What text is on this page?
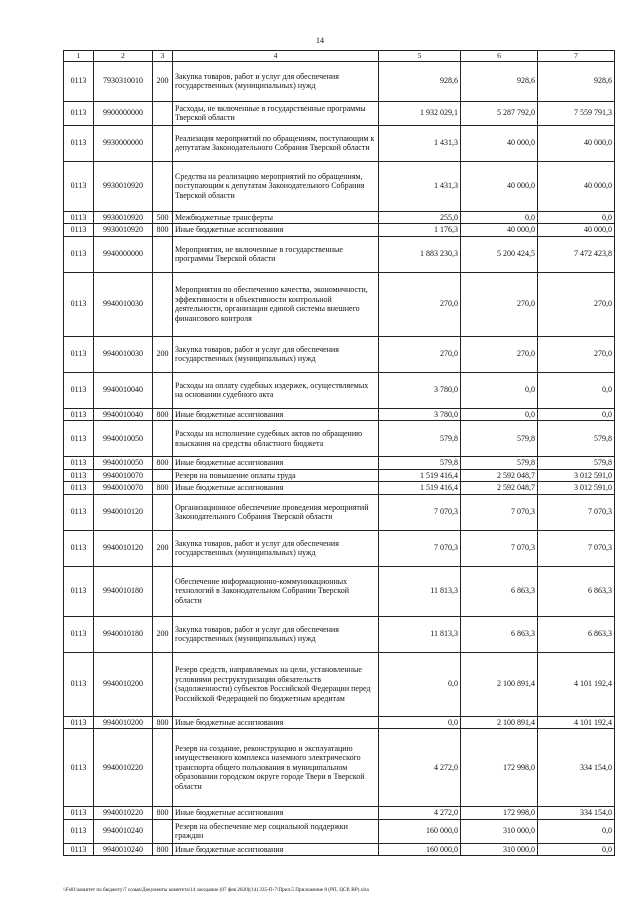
14
1	2	3	4	5	6	7
0113	7930310010	200	Закупка товаров, работ и услуг для обеспечения государственных (муниципальных) нужд	928,6	928,6	928,6
0113	9900000000		Расходы, не включенные в государственные программы Тверской области	1 932 029,1	5 287 792,0	7 559 791,3
0113	9930000000		Реализация мероприятий по обращениям, поступающим к депутатам Законодательного Собрания Тверской области	1 431,3	40 000,0	40 000,0
0113	9930010920		Средства на реализацию мероприятий по обращениям, поступающим к депутатам Законодательного Собрания Тверской области	1 431,3	40 000,0	40 000,0
0113	9930010920	500	Межбюджетные трансферты	255,0	0,0	0,0
0113	9930010920	800	Иные бюджетные ассигнования	1 176,3	40 000,0	40 000,0
0113	9940000000		Мероприятия, не включенные в государственные программы Тверской области	1 883 230,3	5 200 424,5	7 472 423,8
0113	9940010030		Мероприятия по обеспечению качества, экономичности, эффективности и объективности контрольной деятельности, организации единой системы внешнего финансового контроля	270,0	270,0	270,0
0113	9940010030	200	Закупка товаров, работ и услуг для обеспечения государственных (муниципальных) нужд	270,0	270,0	270,0
0113	9940010040		Расходы на оплату судебных издержек, осуществляемых на основании судебного акта	3 780,0	0,0	0,0
0113	9940010040	800	Иные бюджетные ассигнования	3 780,0	0,0	0,0
0113	9940010050		Расходы на исполнение судебных актов по обращению взыскания на средства областного бюджета	579,8	579,8	579,8
0113	9940010050	800	Иные бюджетные ассигнования	579,8	579,8	579,8
0113	9940010070		Резерв на повышение оплаты труда	1 519 416,4	2 592 048,7	3 012 591,0
0113	9940010070	800	Иные бюджетные ассигнования	1 519 416,4	2 592 048,7	3 012 591,0
0113	9940010120		Организационное обеспечение проведения мероприятий Законодательного Собрания Тверской области	7 070,3	7 070,3	7 070,3
0113	9940010120	200	Закупка товаров, работ и услуг для обеспечения государственных (муниципальных) нужд	7 070,3	7 070,3	7 070,3
0113	9940010180		Обеспечение информационно-коммуникационных технологий в Законодательном Собрании Тверской области	11 813,3	6 863,3	6 863,3
0113	9940010180	200	Закупка товаров, работ и услуг для обеспечения государственных (муниципальных) нужд	11 813,3	6 863,3	6 863,3
0113	9940010200		Резерв средств, направляемых на цели, установленные условиями реструктуризации обязательств (задолженности) субъектов Российской Федерации перед Российской Федерацией по бюджетным кредитам	0,0	2 100 891,4	4 101 192,4
0113	9940010200	800	Иные бюджетные ассигнования	0,0	2 100 891,4	4 101 192,4
0113	9940010220		Резерв на создание, реконструкцию и эксплуатацию имущественного комплекса наземного электрического транспорта общего пользования в муниципальном образовании городском округе городе Твери в Тверской области	4 272,0	172 998,0	334 154,0
0113	9940010220	800	Иные бюджетные ассигнования	4 272,0	172 998,0	334 154,0
0113	9940010240		Резерв на обеспечение мер социальной поддержки граждан	160 000,0	310 000,0	0,0
0113	9940010240	800	Иные бюджетные ассигнования	160 000,0	310 000,0	0,0
\\Fs01\комитет по бюджету\7 созыв\Документы комитета\14 заседание (07 фев 2020)(14) 235-П-7\Прил.5 Приложение 8 (РП, ЦСР, ВР).xlsx
